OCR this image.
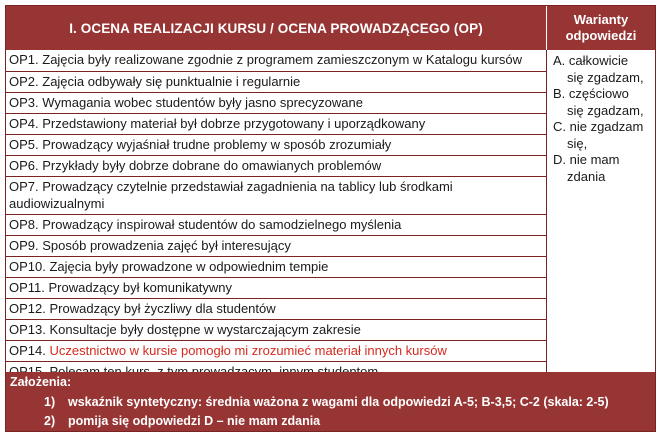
I. OCENA REALIZACJI KURSU / OCENA PROWADZĄCEGO (OP)
Warianty
odpowiedzi
OP1. Zajęcia były realizowane zgodnie z programem zamieszczonym w Katalogu kursów
OP2. Zajęcia odbywały się punktualnie i regularnie
OP3. Wymagania wobec studentów były jasno sprecyzowane
OP4. Przedstawiony materiał był dobrze przygotowany i uporządkowany
OP5. Prowadzący wyjaśniał trudne problemy w sposób zrozumiały
OP6. Przykłady były dobrze dobrane do omawianych problemów
OP7. Prowadzący czytelnie przedstawiał zagadnienia na tablicy lub środkami audiowizualnymi
OP8. Prowadzący inspirował studentów do samodzielnego myślenia
OP9. Sposób prowadzenia zajęć był interesujący
OP10. Zajęcia były prowadzone w odpowiednim tempie
OP11. Prowadzący był komunikatywny
OP12. Prowadzący był życzliwy dla studentów
OP13. Konsultacje były dostępne w wystarczającym zakresie
OP14. Uczestnictwo w kursie pomogło mi zrozumieć materiał innych kursów
A. całkowicie
się zgadzam,
B. częściowo
się zgadzam,
C. nie zgadzam
się,
D. nie mam
zdania
Założenia:
1) wskaźnik syntetyczny: średnia ważona z wagami dla odpowiedzi A-5; B-3,5; C-2 (skala: 2-5)
2) pomija się odpowiedzi D – nie mam zdania
